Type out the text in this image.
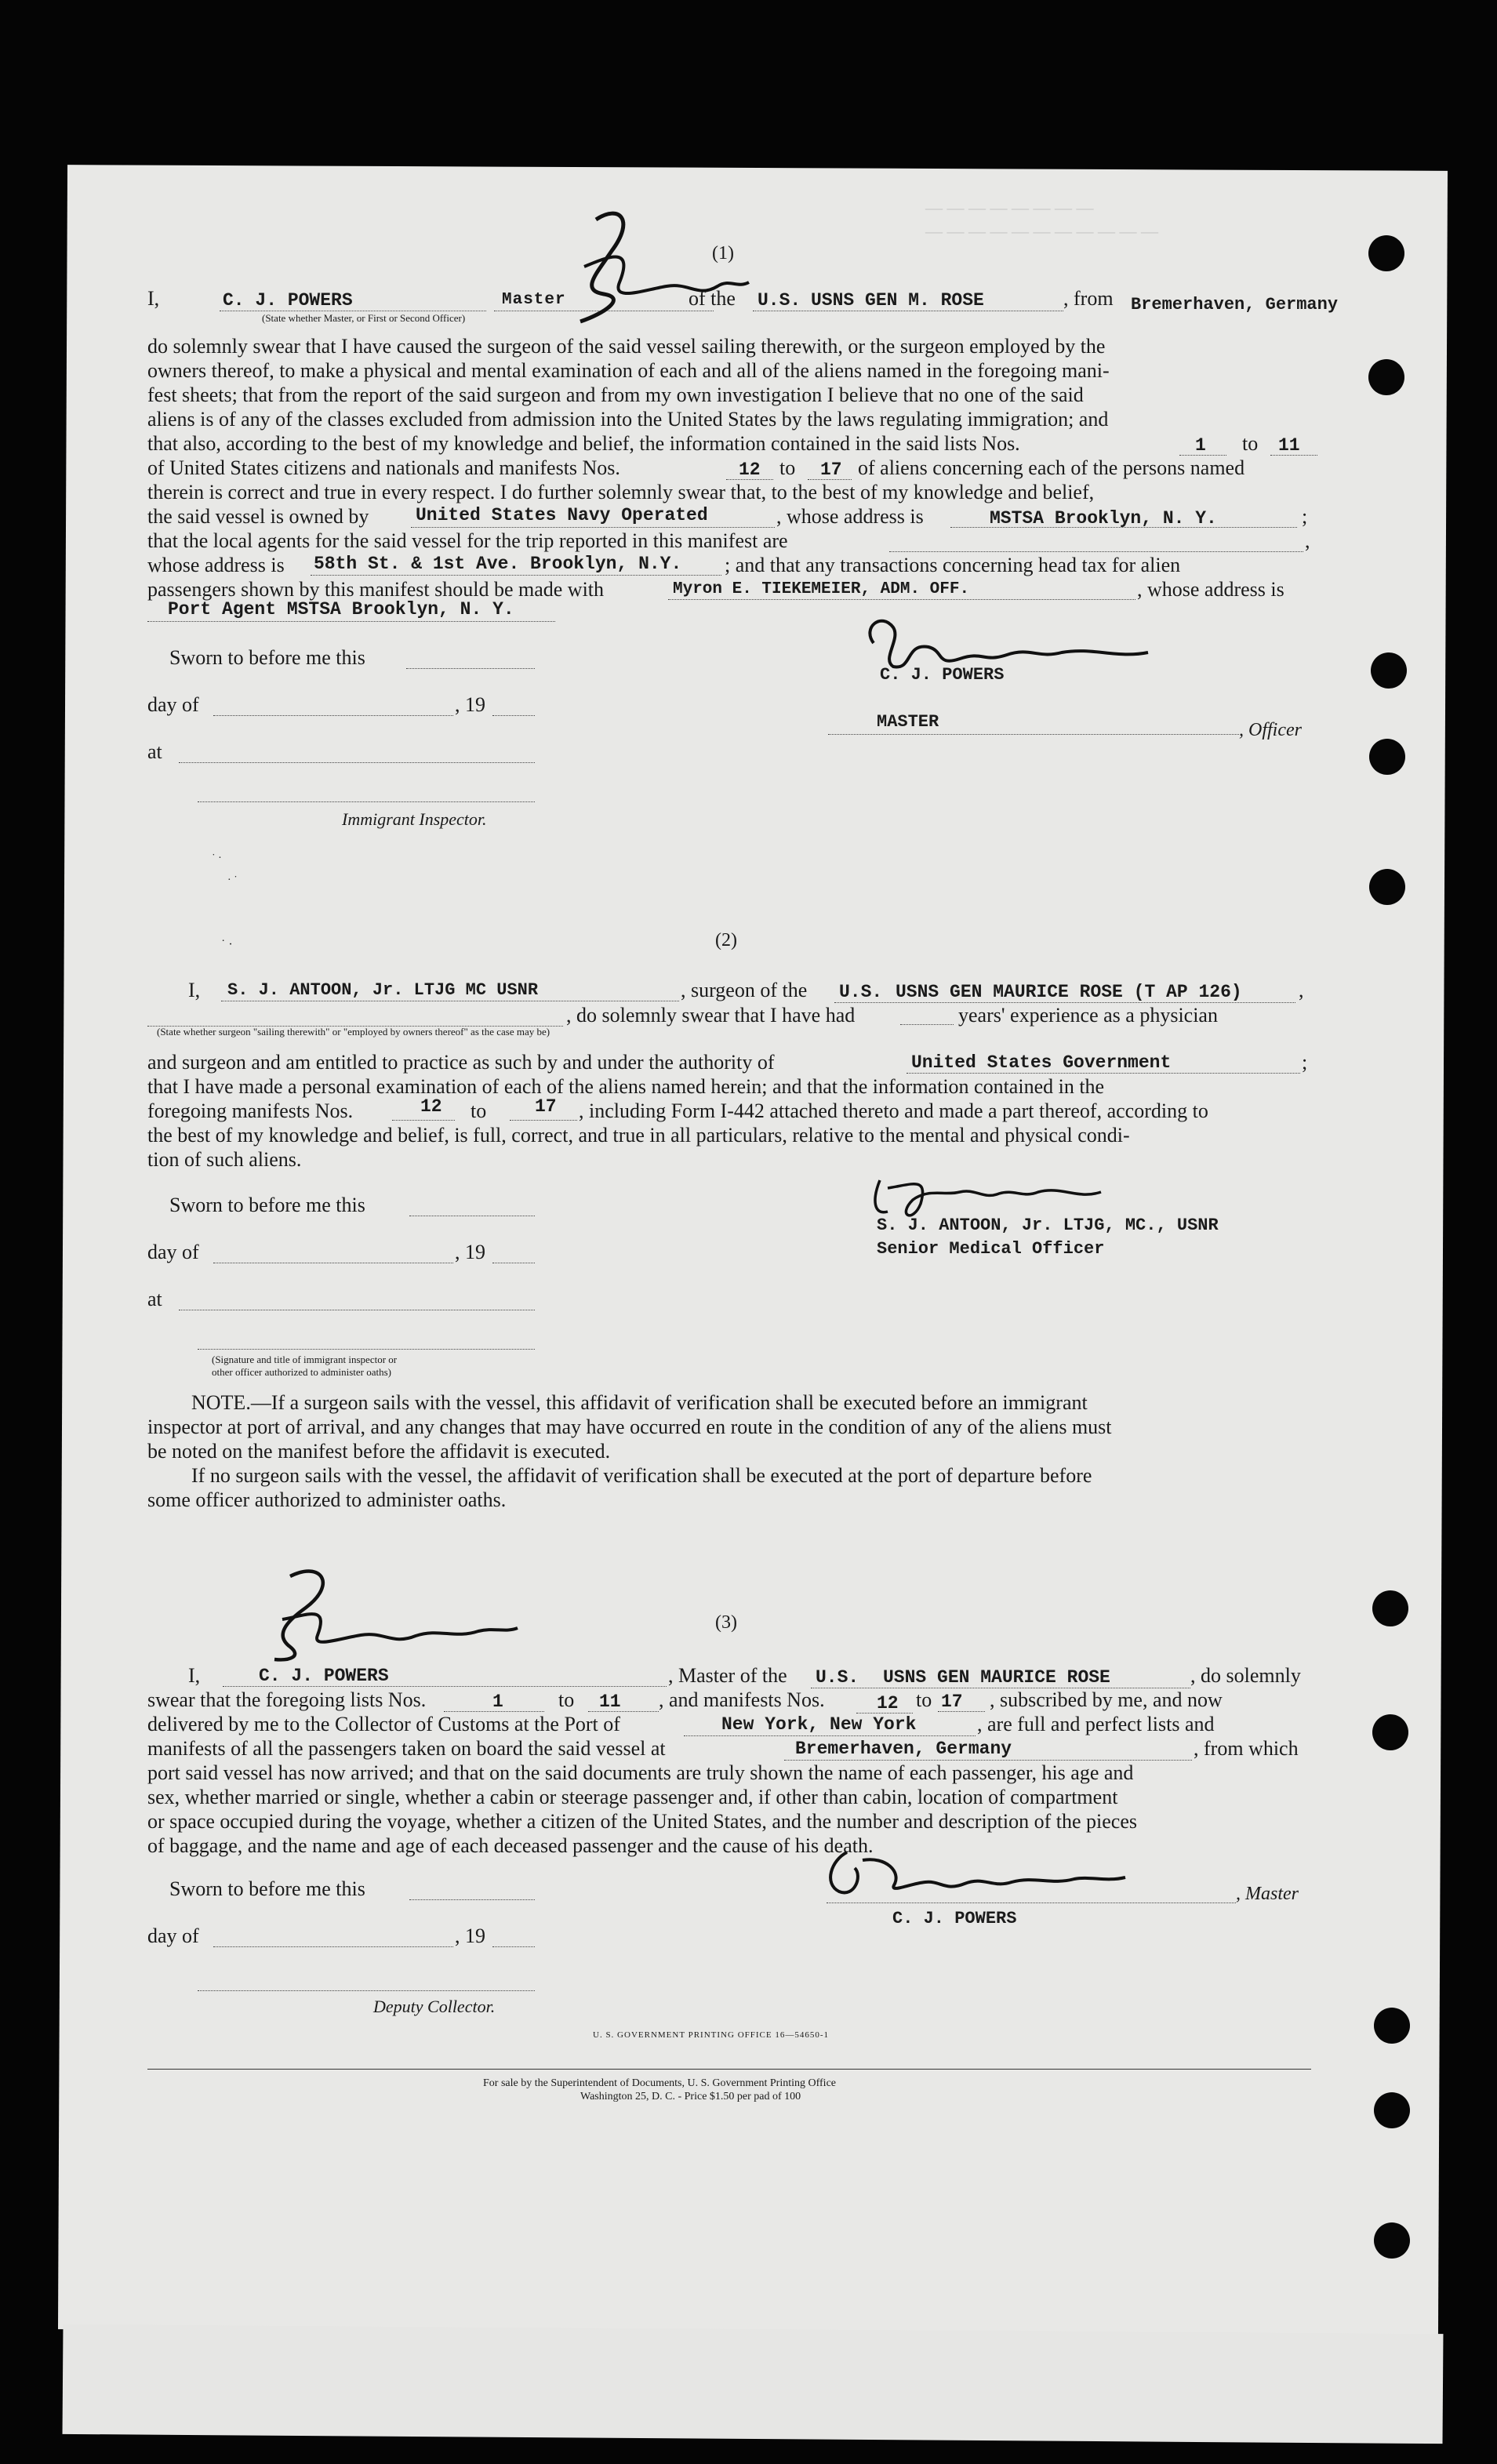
— — — — — — — —
— — — — — — — — — — —
(1)
I,	C. J. POWERS	Master	of the U.S. USNS GEN M. ROSE	, from Bremerhaven, Germany
(State whether Master, or First or Second Officer)
do solemnly swear that I have caused the surgeon of the said vessel sailing therewith, or the surgeon employed by the
owners thereof, to make a physical and mental examination of each and all of the aliens named in the foregoing mani-
fest sheets; that from the report of the said surgeon and from my own investigation I believe that no one of the said
aliens is of any of the classes excluded from admission into the United States by the laws regulating immigration; and
that also, according to the best of my knowledge and belief, the information contained in the said lists Nos.	1 to 11
of United States citizens and nationals and manifests Nos.	12 to 17 of aliens concerning each of the persons named
therein is correct and true in every respect. I do further solemnly swear that, to the best of my knowledge and belief,
the said vessel is owned by	United States Navy Operated	, whose address is	MSTSA Brooklyn, N. Y.	;
that the local agents for the said vessel for the trip reported in this manifest are	,
whose address is 58th St. & 1st Ave. Brooklyn, N.Y. ; and that any transactions concerning head tax for alien
passengers shown by this manifest should be made with	Myron E. TIEKEMEIER, ADM. OFF.	, whose address is
Port Agent MSTSA Brooklyn, N. Y.
Sworn to before me this
day of	, 19
at
Immigrant Inspector.
C. J. POWERS
MASTER	, Officer
˙ ·
· ˙
˙ ·	(2)
I, S. J. ANTOON, Jr. LTJG MC USNR	, surgeon of the U.S. USNS GEN MAURICE ROSE (T AP 126)	,
, do solemnly swear that I have had	years' experience as a physician
(State whether surgeon "sailing therewith" or "employed by owners thereof" as the case may be)
and surgeon and am entitled to practice as such by and under the authority of	United States Government	;
that I have made a personal examination of each of the aliens named herein; and that the information contained in the
foregoing manifests Nos.	12 to	17 , including Form I-442 attached thereto and made a part thereof, according to
the best of my knowledge and belief, is full, correct, and true in all particulars, relative to the mental and physical condi-
tion of such aliens.
Sworn to before me this
day of	, 19
at
(Signature and title of immigrant inspector or
other officer authorized to administer oaths)
S. J. ANTOON, Jr. LTJG, MC., USNR
Senior Medical Officer
NOTE.—If a surgeon sails with the vessel, this affidavit of verification shall be executed before an immigrant
inspector at port of arrival, and any changes that may have occurred en route in the condition of any of the aliens must
be noted on the manifest before the affidavit is executed.
If no surgeon sails with the vessel, the affidavit of verification shall be executed at the port of departure before
some officer authorized to administer oaths.
(3)
I,	C. J. POWERS	, Master of the U.S. USNS GEN MAURICE ROSE	, do solemnly
swear that the foregoing lists Nos.	1	to 11 , and manifests Nos.	12 to 17 , subscribed by me, and now
delivered by me to the Collector of Customs at the Port of	New York, New York	, are full and perfect lists and
manifests of all the passengers taken on board the said vessel at	Bremerhaven, Germany	, from which
port said vessel has now arrived; and that on the said documents are truly shown the name of each passenger, his age and
sex, whether married or single, whether a cabin or steerage passenger and, if other than cabin, location of compartment
or space occupied during the voyage, whether a citizen of the United States, and the number and description of the pieces
of baggage, and the name and age of each deceased passenger and the cause of his death.
Sworn to before me this
day of	, 19
Deputy Collector.
, Master
C. J. POWERS
U. S. GOVERNMENT PRINTING OFFICE 16—54650-1
For sale by the Superintendent of Documents, U. S. Government Printing Office
Washington 25, D. C. - Price $1.50 per pad of 100
